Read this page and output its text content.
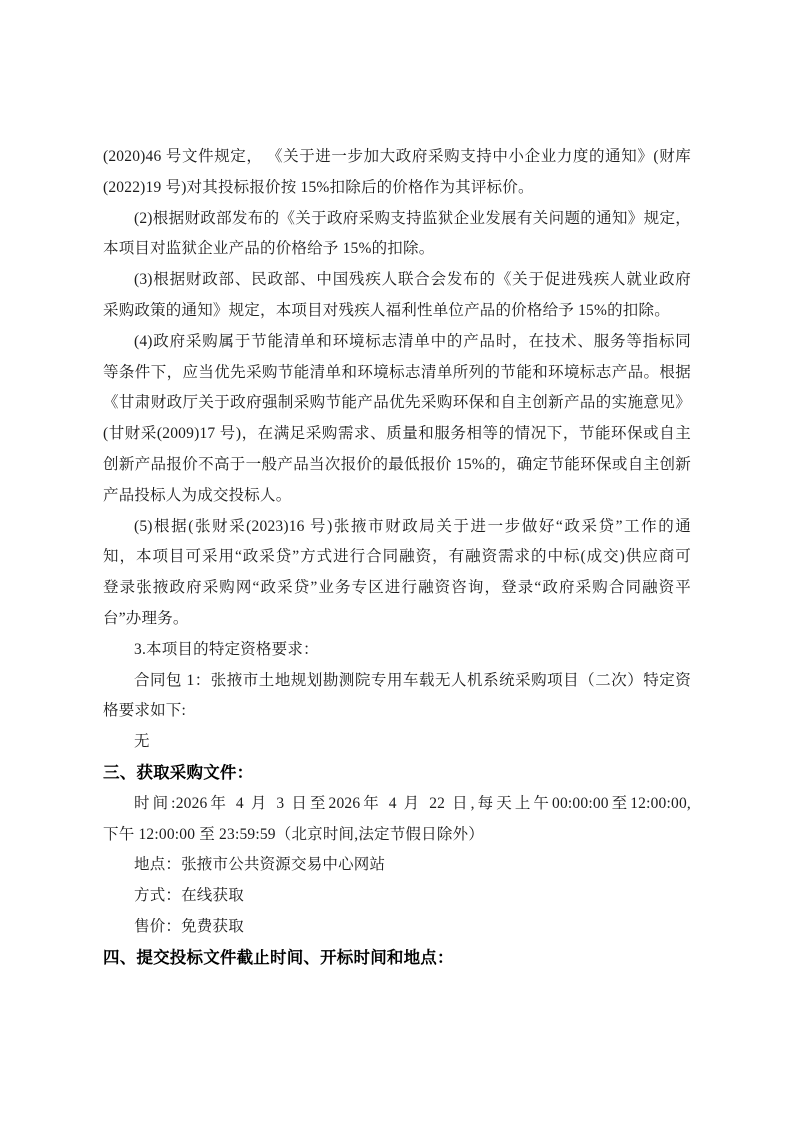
(2020)46 号文件规定， 《关于进一步加大政府采购支持中小企业力度的通知》(财库
(2022)19 号)对其投标报价按 15%扣除后的价格作为其评标价。
(2)根据财政部发布的《关于政府采购支持监狱企业发展有关问题的通知》规定，
本项目对监狱企业产品的价格给予 15%的扣除。
(3)根据财政部、民政部、中国残疾人联合会发布的《关于促进残疾人就业政府
采购政策的通知》规定，本项目对残疾人福利性单位产品的价格给予 15%的扣除。
(4)政府采购属于节能清单和环境标志清单中的产品时，在技术、服务等指标同
等条件下，应当优先采购节能清单和环境标志清单所列的节能和环境标志产品。根据
《甘肃财政厅关于政府强制采购节能产品优先采购环保和自主创新产品的实施意见》
(甘财采(2009)17 号)，在满足采购需求、质量和服务相等的情况下，节能环保或自主
创新产品报价不高于一般产品当次报价的最低报价 15%的，确定节能环保或自主创新
产品投标人为成交投标人。
(5)根据(张财采(2023)16 号)张掖市财政局关于进一步做好“政采贷”工作的通
知，本项目可采用“政采贷”方式进行合同融资，有融资需求的中标(成交)供应商可
登录张掖政府采购网“政采贷”业务专区进行融资咨询，登录“政府采购合同融资平
台”办理务。
3.本项目的特定资格要求：
合同包 1：张掖市土地规划勘测院专用车载无人机系统采购项目（二次）特定资
格要求如下:
无
三、获取采购文件：
时间:2026年 4 月 3 日至2026年 4 月 22 日,每天上午00:00:00至12:00:00,
下午 12:00:00 至 23:59:59（北京时间,法定节假日除外）
地点：张掖市公共资源交易中心网站
方式：在线获取
售价：免费获取
四、提交投标文件截止时间、开标时间和地点：
